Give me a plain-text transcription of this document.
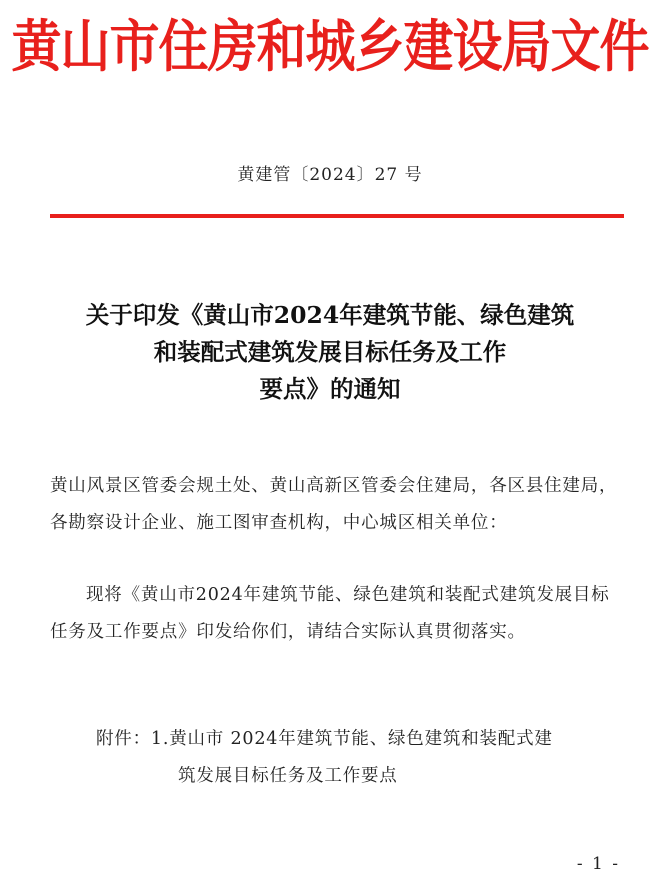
黄山市住房和城乡建设局文件
黄建管〔2024〕27 号
关于印发《黄山市2024年建筑节能、绿色建筑
和装配式建筑发展目标任务及工作
要点》的通知
黄山风景区管委会规土处、黄山高新区管委会住建局，各区县住建局，各勘察设计企业、施工图审查机构，中心城区相关单位：
现将《黄山市2024年建筑节能、绿色建筑和装配式建筑发展目标任务及工作要点》印发给你们，请结合实际认真贯彻落实。
附件：1.黄山市 2024年建筑节能、绿色建筑和装配式建
筑发展目标任务及工作要点
- 1 -
